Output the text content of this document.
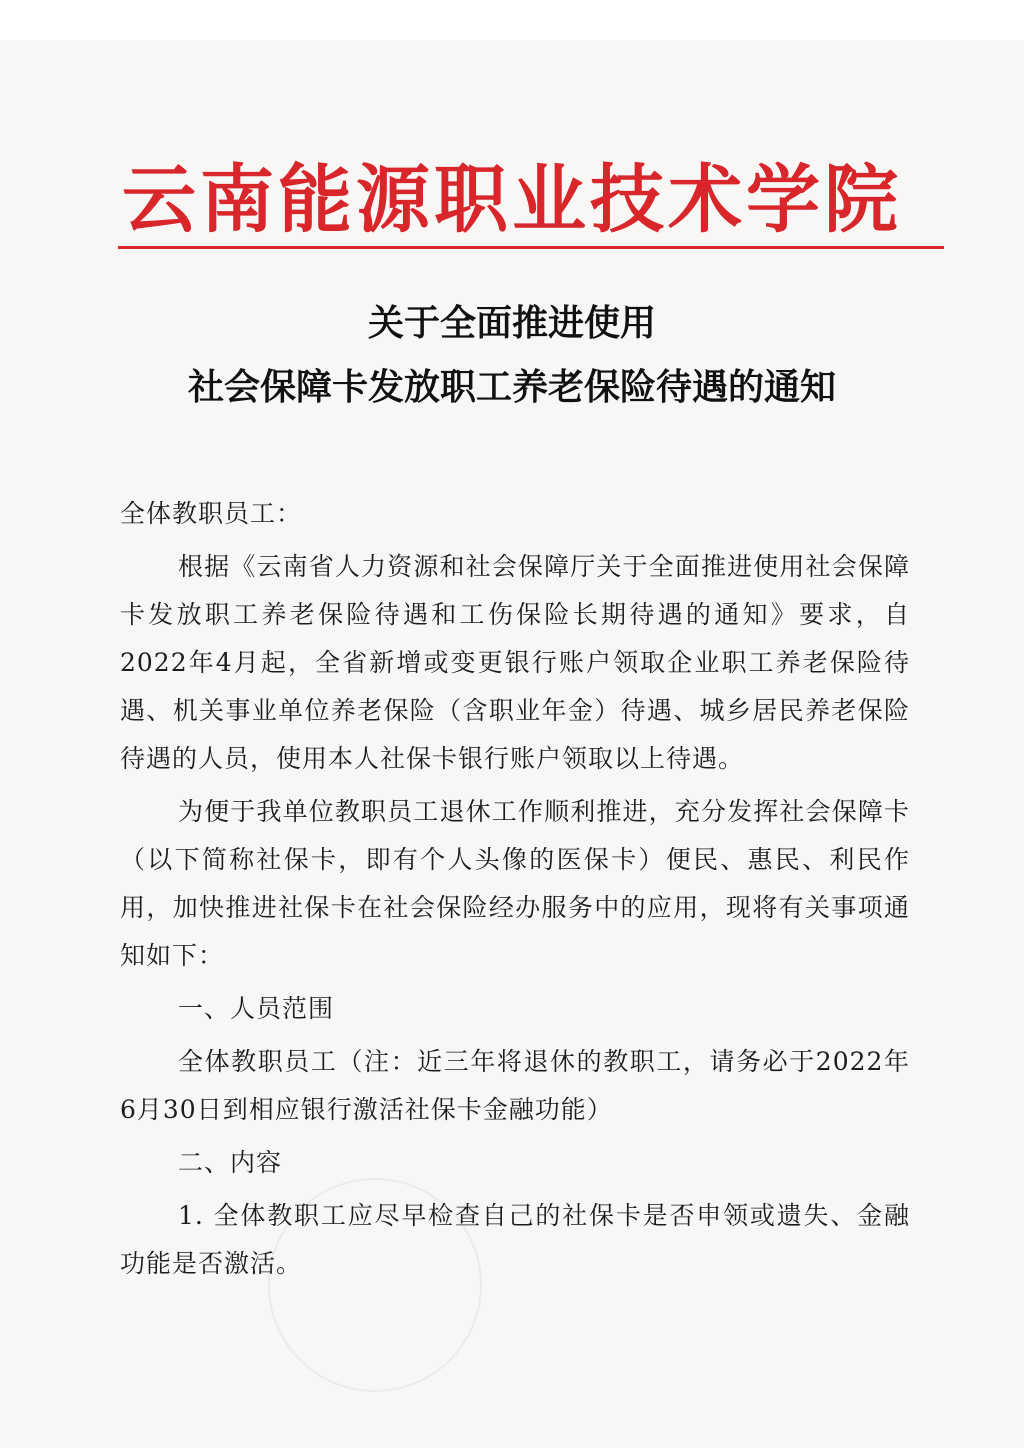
云南能源职业技术学院
关于全面推进使用
社会保障卡发放职工养老保险待遇的通知

全体教职员工：

根据《云南省人力资源和社会保障厅关于全面推进使用社会保障卡发放职工养老保险待遇和工伤保险长期待遇的通知》要求，自2022年4月起，全省新增或变更银行账户领取企业职工养老保险待遇、机关事业单位养老保险（含职业年金）待遇、城乡居民养老保险待遇的人员，使用本人社保卡银行账户领取以上待遇。

为便于我单位教职员工退休工作顺利推进，充分发挥社会保障卡（以下简称社保卡，即有个人头像的医保卡）便民、惠民、利民作用，加快推进社保卡在社会保险经办服务中的应用，现将有关事项通知如下：

一、人员范围

全体教职员工（注：近三年将退休的教职工，请务必于2022年6月30日到相应银行激活社保卡金融功能）

二、内容

1. 全体教职工应尽早检查自己的社保卡是否申领或遗失、金融功能是否激活。
